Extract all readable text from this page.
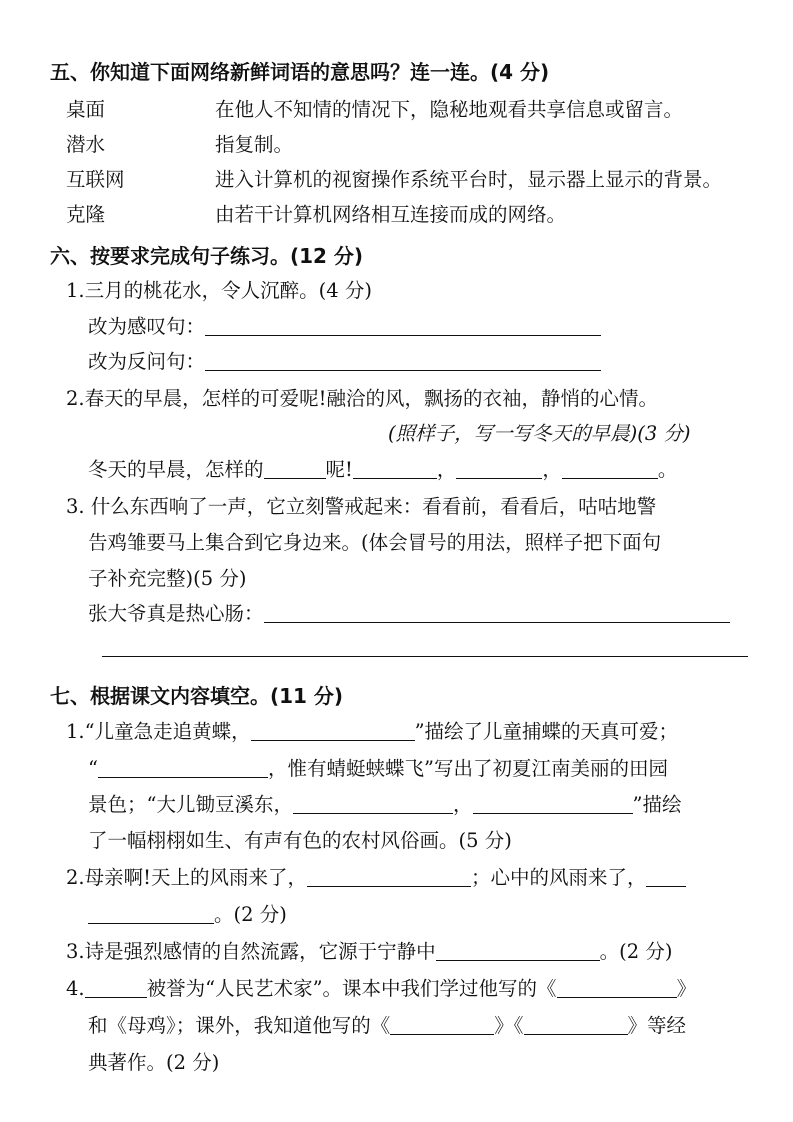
五、你知道下面网络新鲜词语的意思吗？连一连。(4 分)
桌面	在他人不知情的情况下，隐秘地观看共享信息或留言。
潜水	指复制。
互联网	进入计算机的视窗操作系统平台时，显示器上显示的背景。
克隆	由若干计算机网络相互连接而成的网络。
六、按要求完成句子练习。(12 分)
1.三月的桃花水，令人沉醉。(4 分)
改为感叹句：
改为反问句：
2.春天的早晨，怎样的可爱呢!融洽的风，飘扬的衣袖，静悄的心情。
(照样子，写一写冬天的早晨)(3 分)
冬天的早晨，怎样的	呢!	，	，	。
3. 什么东西响了一声，它立刻警戒起来：看看前，看看后，咕咕地警
告鸡雏要马上集合到它身边来。(体会冒号的用法，照样子把下面句
子补充完整)(5 分)
张大爷真是热心肠：
七、根据课文内容填空。(11 分)
1.“儿童急走追黄蝶，	”描绘了儿童捕蝶的天真可爱；
“	，惟有蜻蜓蛱蝶飞”写出了初夏江南美丽的田园
景色；“大儿锄豆溪东，	，	”描绘
了一幅栩栩如生、有声有色的农村风俗画。(5 分)
2.母亲啊!天上的风雨来了，	；心中的风雨来了，
。(2 分)
3.诗是强烈感情的自然流露，它源于宁静中	。(2 分)
4.	被誉为“人民艺术家”。课本中我们学过他写的《	》
和《母鸡》；课外，我知道他写的《	》《	》等经
典著作。(2 分)
